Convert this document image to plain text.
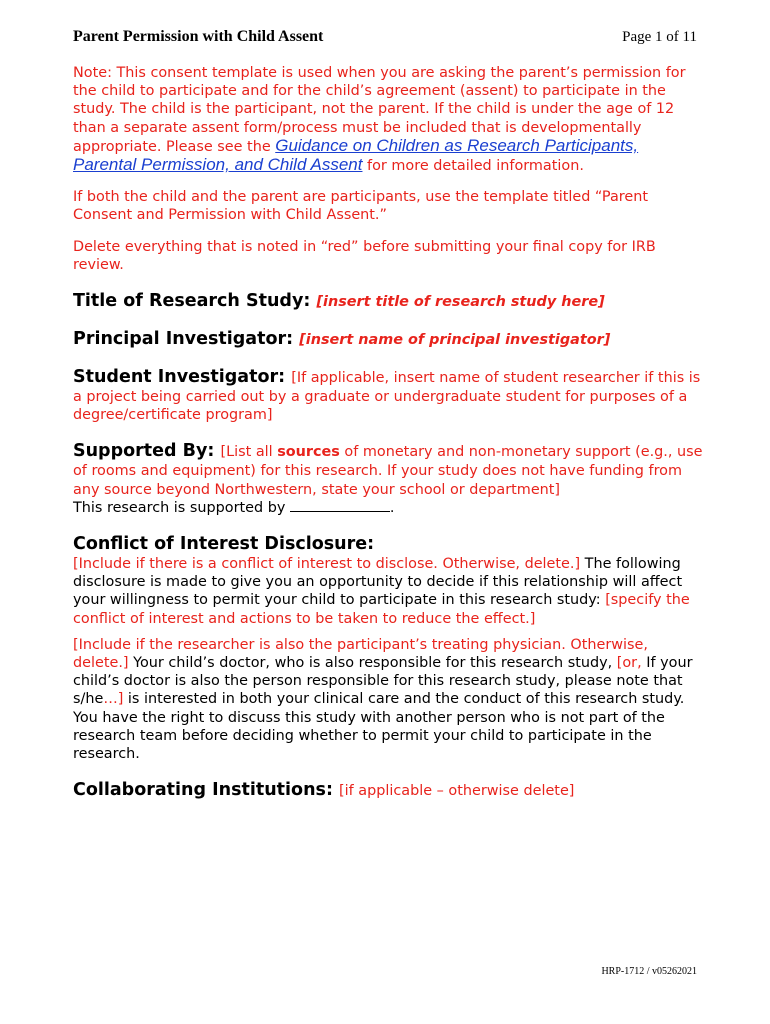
Parent Permission with Child Assent	Page 1 of 11

Note: This consent template is used when you are asking the parent’s permission for the child to participate and for the child’s agreement (assent) to participate in the study. The child is the participant, not the parent. If the child is under the age of 12 than a separate assent form/process must be included that is developmentally appropriate. Please see the Guidance on Children as Research Participants, Parental Permission, and Child Assent for more detailed information.

If both the child and the parent are participants, use the template titled “Parent Consent and Permission with Child Assent.”

Delete everything that is noted in “red” before submitting your final copy for IRB review.

Title of Research Study: [insert title of research study here]
Principal Investigator: [insert name of principal investigator]
Student Investigator: [If applicable, insert name of student researcher if this is a project being carried out by a graduate or undergraduate student for purposes of a degree/certificate program]
Supported By: [List all sources of monetary and non-monetary support (e.g., use of rooms and equipment) for this research. If your study does not have funding from any source beyond Northwestern, state your school or department]
This research is supported by	.
Conflict of Interest Disclosure:

[Include if there is a conflict of interest to disclose. Otherwise, delete.] The following disclosure is made to give you an opportunity to decide if this relationship will affect your willingness to permit your child to participate in this research study: [specify the conflict of interest and actions to be taken to reduce the effect.]

[Include if the researcher is also the participant’s treating physician. Otherwise, delete.] Your child’s doctor, who is also responsible for this research study, [or, If your child’s doctor is also the person responsible for this research study, please note that s/he…] is interested in both your clinical care and the conduct of this research study. You have the right to discuss this study with another person who is not part of the research team before deciding whether to permit your child to participate in the research.

Collaborating Institutions: [if applicable – otherwise delete]
HRP-1712 / v05262021
